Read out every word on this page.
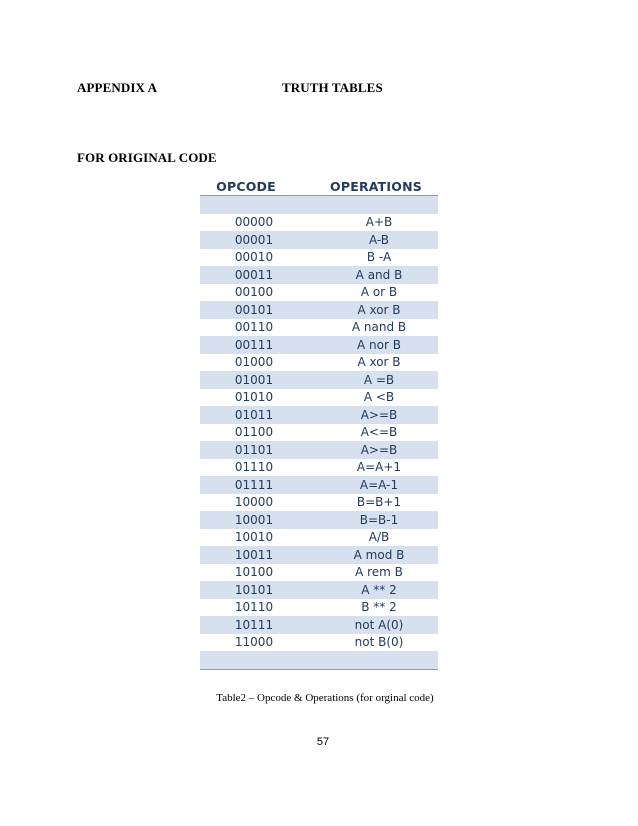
APPENDIX A	TRUTH TABLES
FOR ORIGINAL CODE
OPCODE	OPERATIONS
00000	A+B
00001	A-B
00010	B -A
00011	A and B
00100	A or B
00101	A xor B
00110	A nand B
00111	A nor B
01000	A xor B
01001	A =B
01010	A <B
01011	A>=B
01100	A<=B
01101	A>=B
01110	A=A+1
01111	A=A-1
10000	B=B+1
10001	B=B-1
10010	A/B
10011	A mod B
10100	A rem B
10101	A ** 2
10110	B ** 2
10111	not A(0)
11000	not B(0)
Table2 – Opcode & Operations (for orginal code)
57
